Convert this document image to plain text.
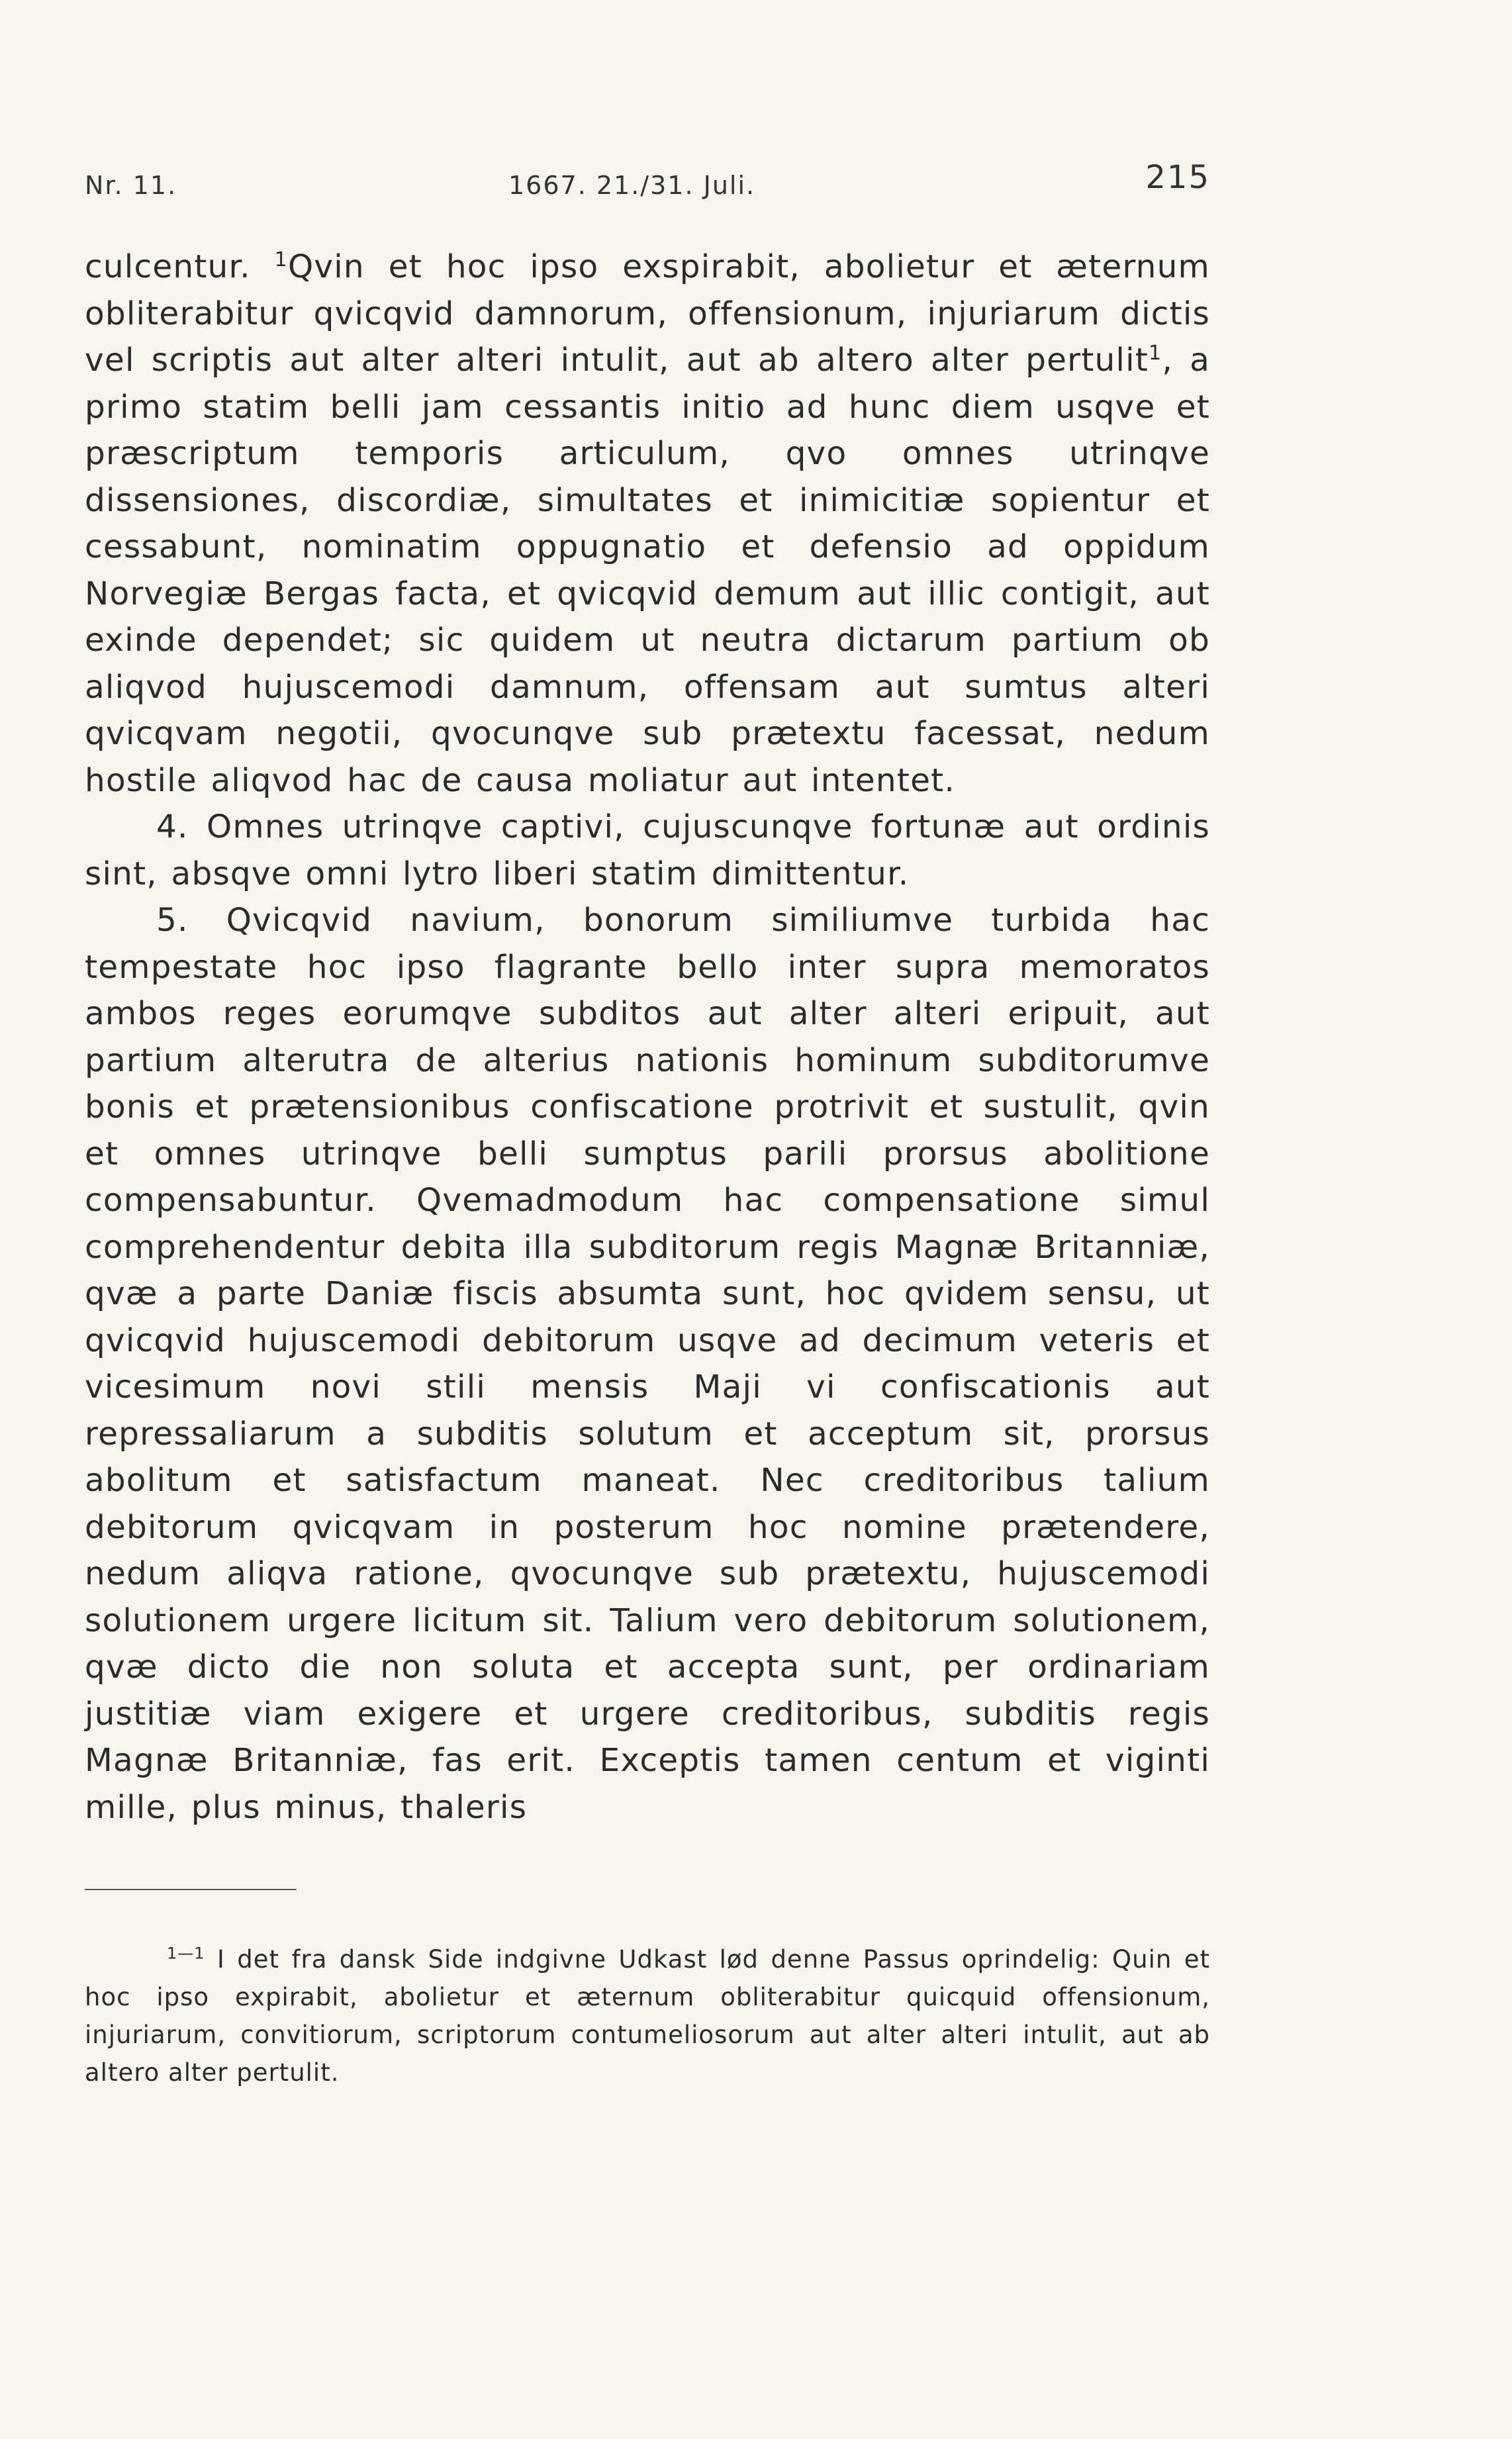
Nr. 11.	1667. 21./31. Juli.	215

culcentur. $^1$Qvin et hoc ipso exspirabit, abolietur et æternum obliterabitur qvicqvid damnorum, offensionum, injuriarum dictis vel scriptis aut alter alteri intulit, aut ab altero alter pertulit$^1$, a primo statim belli jam cessantis initio ad hunc diem usqve et præscriptum temporis articulum, qvo omnes utrinqve dissensiones, discordiæ, simultates et inimicitiæ sopientur et cessabunt, nominatim oppugnatio et defensio ad oppidum Norvegiæ Bergas facta, et qvicqvid demum aut illic contigit, aut exinde dependet; sic quidem ut neutra dictarum partium ob aliqvod hujuscemodi damnum, offensam aut sumtus alteri qvicqvam negotii, qvocunqve sub prætextu facessat, nedum hostile aliqvod hac de causa moliatur aut intentet.

4. Omnes utrinqve captivi, cujuscunqve fortunæ aut ordinis sint, absqve omni lytro liberi statim dimittentur.

5. Qvicqvid navium, bonorum similiumve turbida hac tempestate hoc ipso flagrante bello inter supra memoratos ambos reges eorumqve subditos aut alter alteri eripuit, aut partium alterutra de alterius nationis hominum subditorumve bonis et prætensionibus confiscatione protrivit et sustulit, qvin et omnes utrinqve belli sumptus parili prorsus abolitione compensabuntur. Qvemadmodum hac compensatione simul comprehendentur debita illa subditorum regis Magnæ Britanniæ, qvæ a parte Daniæ fiscis absumta sunt, hoc qvidem sensu, ut qvicqvid hujuscemodi debitorum usqve ad decimum veteris et vicesimum novi stili mensis Maji vi confiscationis aut repressaliarum a subditis solutum et acceptum sit, prorsus abolitum et satisfactum maneat. Nec creditoribus talium debitorum qvicqvam in posterum hoc nomine prætendere, nedum aliqva ratione, qvocunqve sub prætextu, hujuscemodi solutionem urgere licitum sit. Talium vero debitorum solutionem, qvæ dicto die non soluta et accepta sunt, per ordinariam justitiæ viam exigere et urgere creditoribus, subditis regis Magnæ Britanniæ, fas erit. Exceptis tamen centum et viginti mille, plus minus, thaleris

$^{1—1}$ I det fra dansk Side indgivne Udkast lød denne Passus oprindelig: Quin et hoc ipso expirabit, abolietur et æternum obliterabitur quicquid offensionum, injuriarum, convitiorum, scriptorum contumeliosorum aut alter alteri intulit, aut ab altero alter pertulit.
